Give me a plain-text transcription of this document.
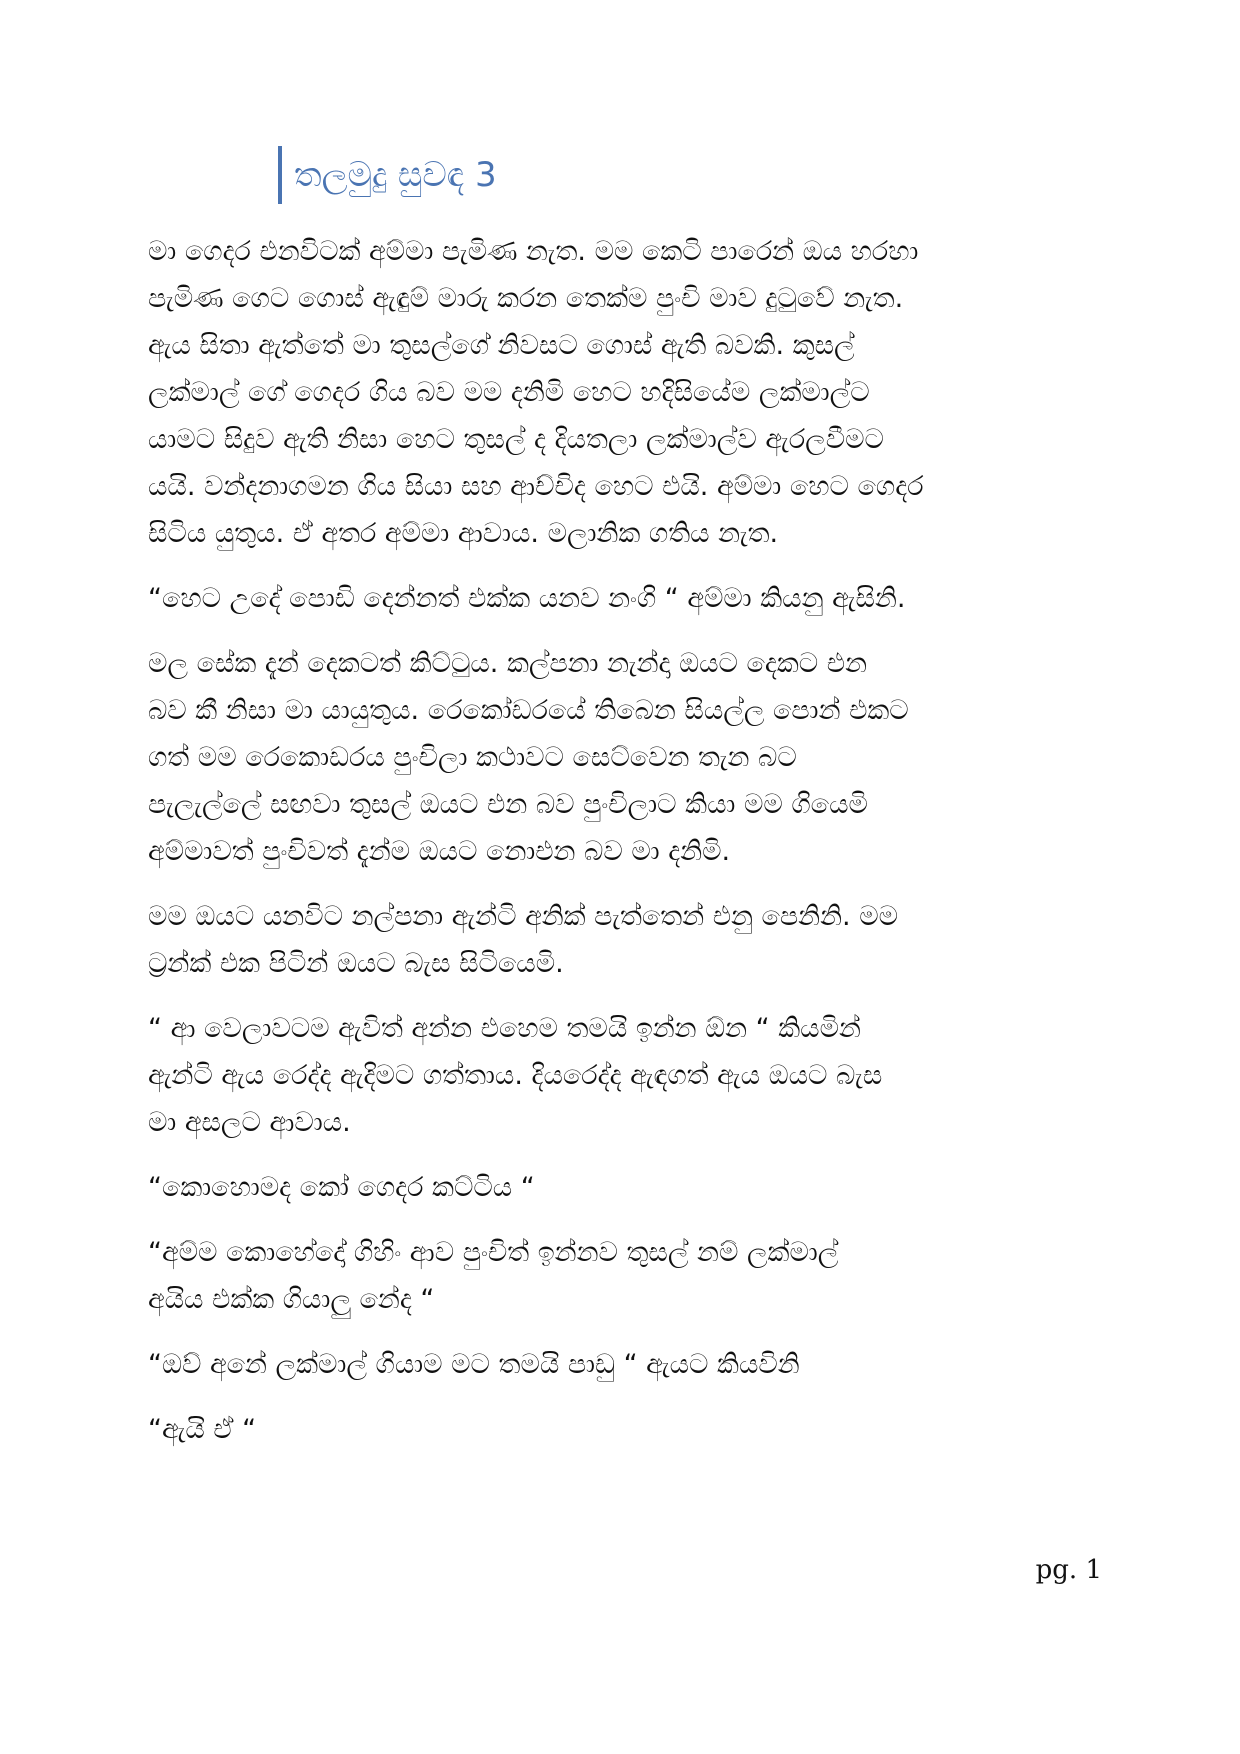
තලමුදු සුවඳ 3

මා ගෙදර එනවිටක් අම්මා පැමිණ නැත. මම කෙටි පාරෙන් ඔය හරහා
පැමිණ ගෙට ගොස් ඇඳුම් මාරු කරන තෙක්ම පුංචි මාව දුටුවේ නැත.
ඇය සිතා ඇත්තේ මා තුසල්ගේ නිවසට ගොස් ඇති බවකි. කුසල්
ලක්මාල් ගේ ගෙදර ගිය බව මම දනිමි හෙට හදිසියේම ලක්මාල්ට
යාමට සිදුව ඇති නිසා හෙට තුසල් ද දියතලා ලක්මාල්ව ඇරලවීමට
යයි. වන්දනාගමන ගිය සියා සහ ආච්චිද හෙට එයි. අම්මා හෙට ගෙදර
සිටිය යුතුය. ඒ අතර අම්මා ආවාය. මලානික ගතිය නැත.

“හෙට උදේ පොඩි දෙන්නත් එක්ක යනව නංගි “ අම්මා කියනු ඇසිනි.

මල සේක දැන් දෙකටත් කිට්ටුය. කල්පනා නැන්දා ඔයට දෙකට එන
බව කී නිසා මා යායුතුය. රෙකෝඩරයේ තිබෙන සියල්ල පොන් එකට
ගත් මම රෙකොඩරය පුංචිලා කථාවට සෙට්වෙන තැන බට
පැලැල්ලේ සඟවා තුසල් ඔයට එන බව පුංචිලාට කියා මම ගියෙමි
අම්මාවත් පුංචිවත් දැන්ම ඔයට නොඑන බව මා දනිමි.

මම ඔයට යනවිට නල්පනා ඇන්ටි අනික් පැත්තෙන් එනු පෙනිනි. මම
ට්‍රන්ක් එක පිටින් ඔයට බැස සිටියෙමි.

“ ආ වෙලාවටම ඇවිත් අන්න එහෙම තමයි ඉන්න ඕන “ කියමින්
ඇන්ටි ඇය රෙද්ද ඇදිමට ගත්තාය. දියරෙද්ද ඇඳගත් ඇය ඔයට බැස
මා අසලට ආවාය.

“කොහොමද කෝ ගෙදර කට්ටිය “

“අම්ම කොහේදෝ ගිහිං ආව පුංචිත් ඉන්නව තුසල් නම් ලක්මාල්
අයිය එක්ක ගියාලු නේද “

“ඔව් අනේ ලක්මාල් ගියාම මට තමයි පාඩු “ ඇයට කියවිනි

“ඇයි ඒ “

pg. 1
